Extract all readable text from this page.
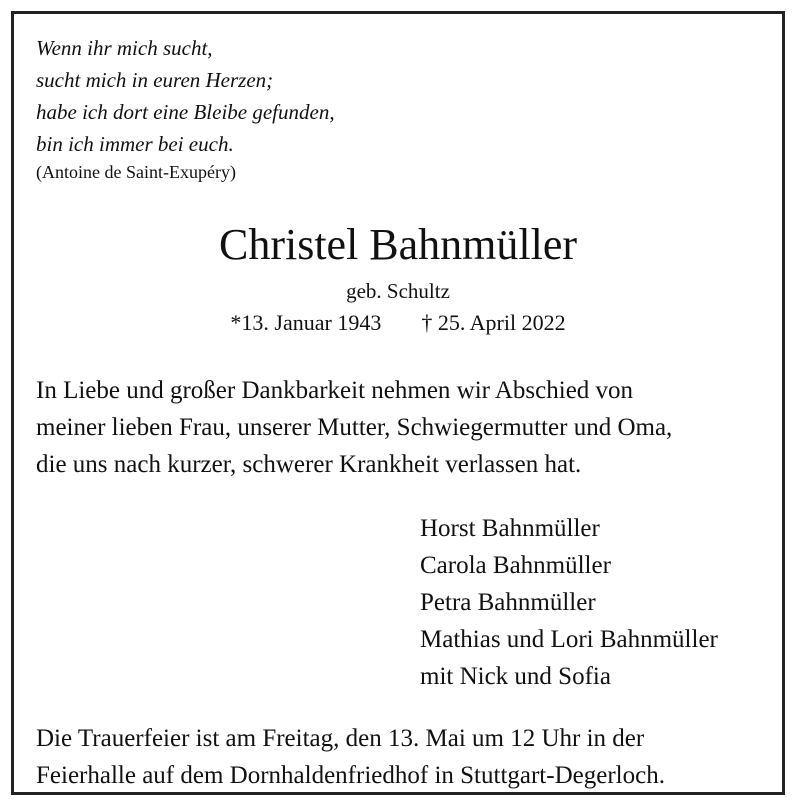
Wenn ihr mich sucht,
sucht mich in euren Herzen;
habe ich dort eine Bleibe gefunden,
bin ich immer bei euch.
(Antoine de Saint-Exupéry)
Christel Bahnmüller
geb. Schultz
*13. Januar 1943 † 25. April 2022
In Liebe und großer Dankbarkeit nehmen wir Abschied von
meiner lieben Frau, unserer Mutter, Schwiegermutter und Oma,
die uns nach kurzer, schwerer Krankheit verlassen hat.
Horst Bahnmüller
Carola Bahnmüller
Petra Bahnmüller
Mathias und Lori Bahnmüller
mit Nick und Sofia
Die Trauerfeier ist am Freitag, den 13. Mai um 12 Uhr in der
Feierhalle auf dem Dornhaldenfriedhof in Stuttgart-Degerloch.
